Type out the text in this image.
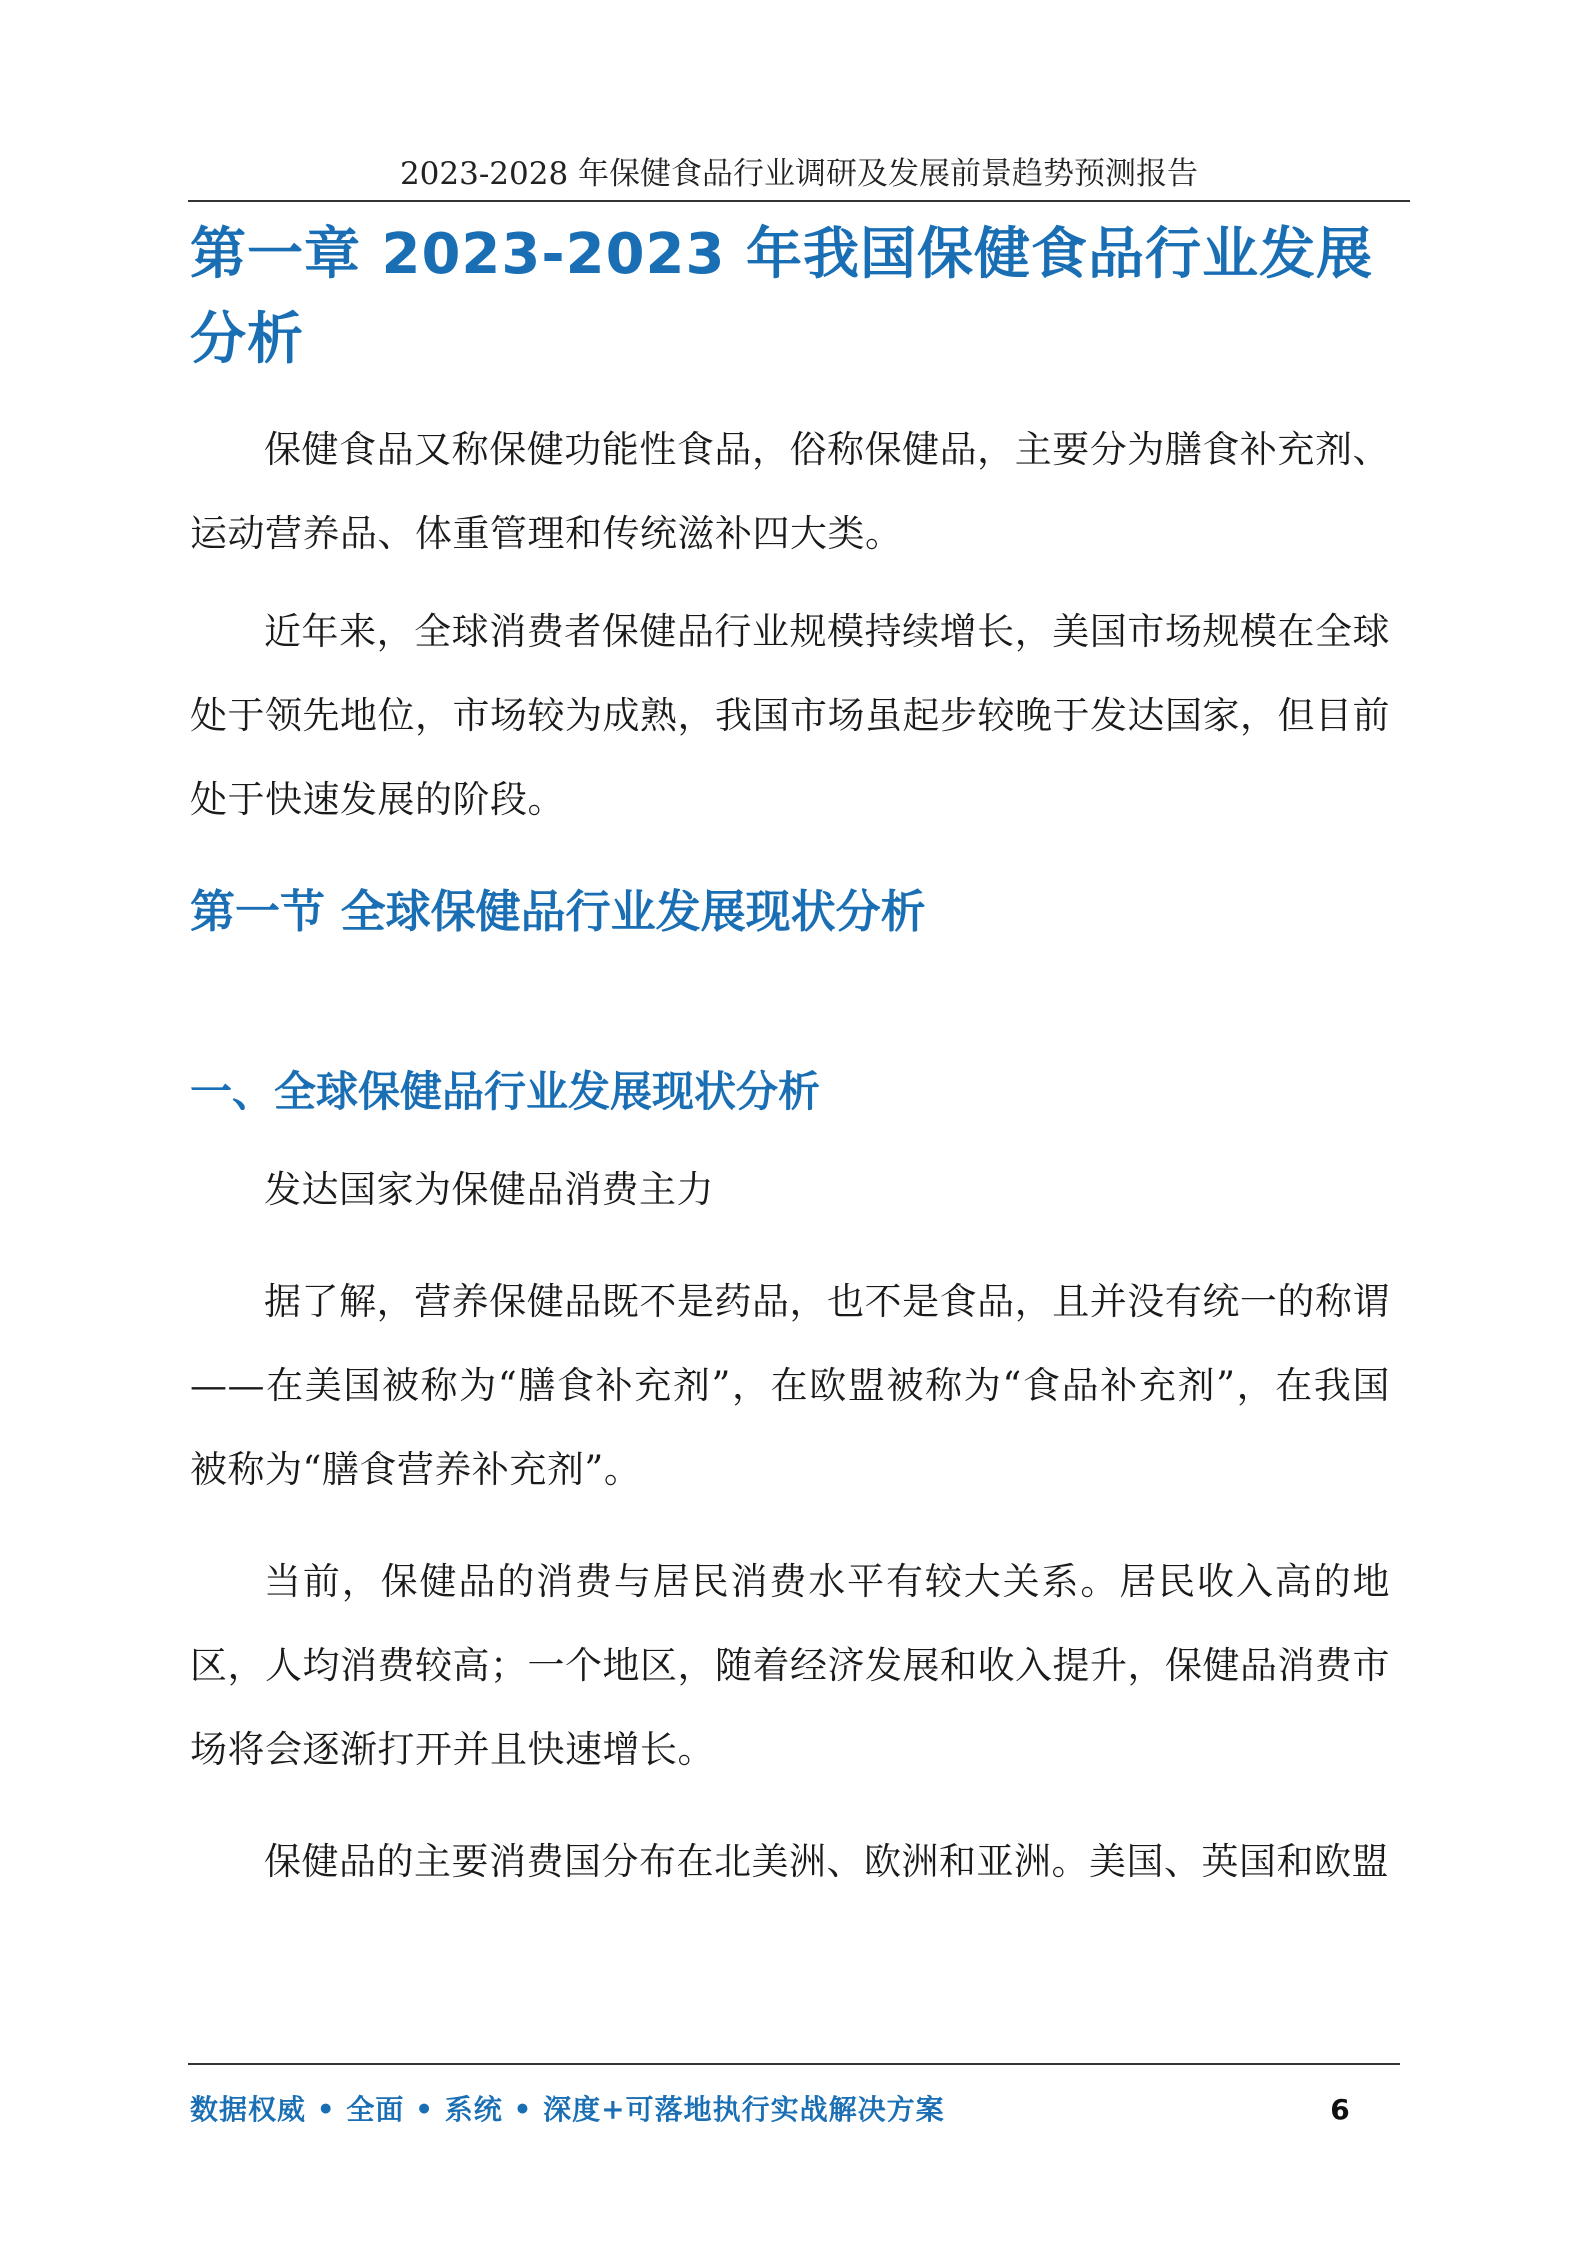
2023-2028 年保健食品行业调研及发展前景趋势预测报告
第一章 2023-2023 年我国保健食品行业发展分析

保健食品又称保健功能性食品，俗称保健品，主要分为膳食补充剂、运动营养品、体重管理和传统滋补四大类。

近年来，全球消费者保健品行业规模持续增长，美国市场规模在全球处于领先地位，市场较为成熟，我国市场虽起步较晚于发达国家，但目前处于快速发展的阶段。

第一节 全球保健品行业发展现状分析
一、全球保健品行业发展现状分析

发达国家为保健品消费主力

据了解，营养保健品既不是药品，也不是食品，且并没有统一的称谓——在美国被称为“膳食补充剂”，在欧盟被称为“食品补充剂”，在我国被称为“膳食营养补充剂”。

当前，保健品的消费与居民消费水平有较大关系。居民收入高的地区，人均消费较高；一个地区，随着经济发展和收入提升，保健品消费市场将会逐渐打开并且快速增长。

保健品的主要消费国分布在北美洲、欧洲和亚洲。美国、英国和欧盟

数据权威 • 全面 • 系统 • 深度+可落地执行实战解决方案	6
